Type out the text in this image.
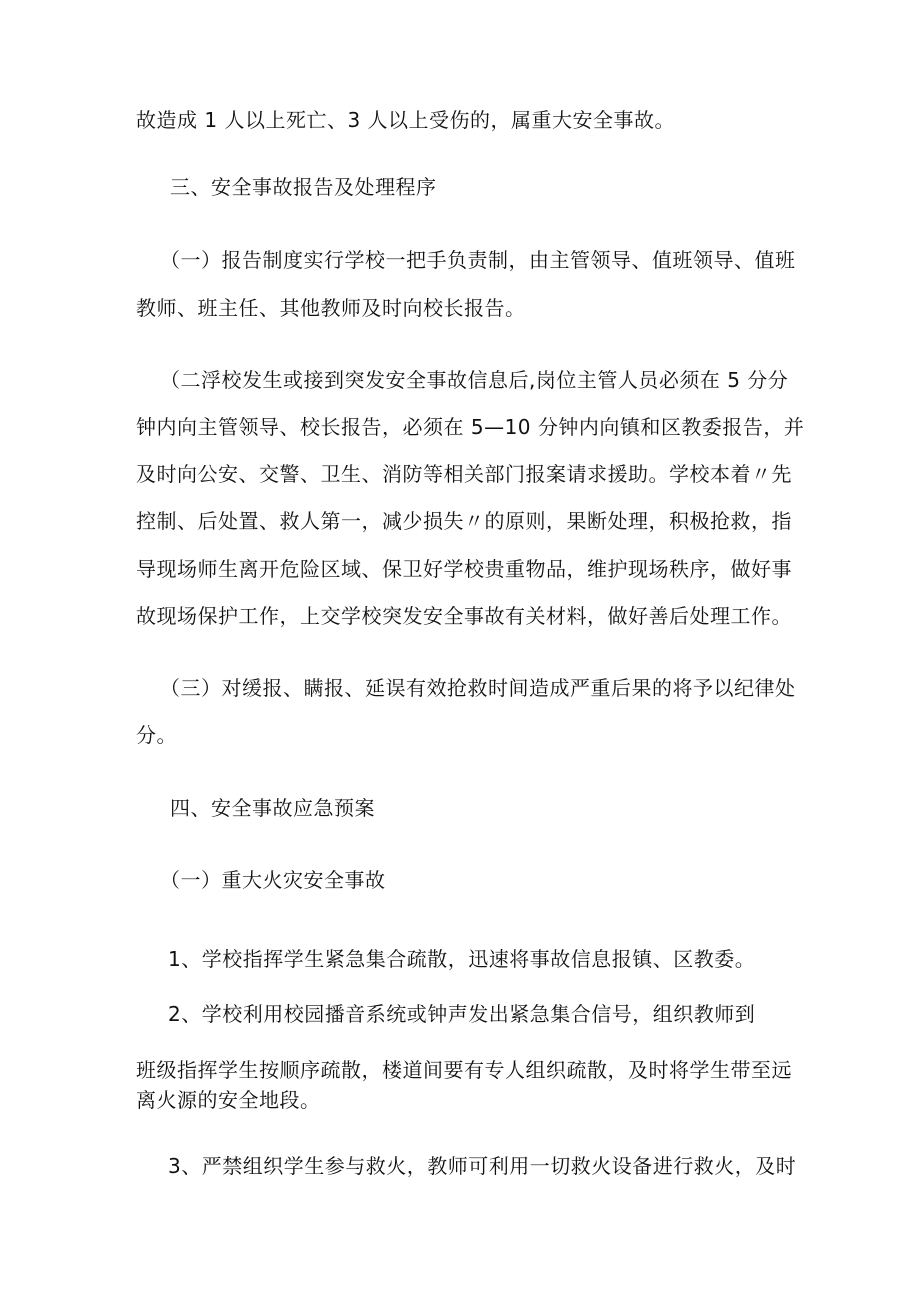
故造成 1 人以上死亡、3 人以上受伤的，属重大安全事故。
三、安全事故报告及处理程序
（一）报告制度实行学校一把手负责制，由主管领导、值班领导、值班
教师、班主任、其他教师及时向校长报告。
（二浮校发生或接到突发安全事故信息后,岗位主管人员必须在 5 分分
钟内向主管领导、校长报告，必须在 5—10 分钟内向镇和区教委报告，并
及时向公安、交警、卫生、消防等相关部门报案请求援助。学校本着〃先
控制、后处置、救人第一，减少损失〃的原则，果断处理，积极抢救，指
导现场师生离开危险区域、保卫好学校贵重物品，维护现场秩序，做好事
故现场保护工作，上交学校突发安全事故有关材料，做好善后处理工作。
（三）对缓报、瞒报、延误有效抢救时间造成严重后果的将予以纪律处
分。
四、安全事故应急预案
（一）重大火灾安全事故
1、学校指挥学生紧急集合疏散，迅速将事故信息报镇、区教委。
2、学校利用校园播音系统或钟声发出紧急集合信号，组织教师到
班级指挥学生按顺序疏散，楼道间要有专人组织疏散，及时将学生带至远
离火源的安全地段。
3、严禁组织学生参与救火，教师可利用一切救火设备进行救火，及时
